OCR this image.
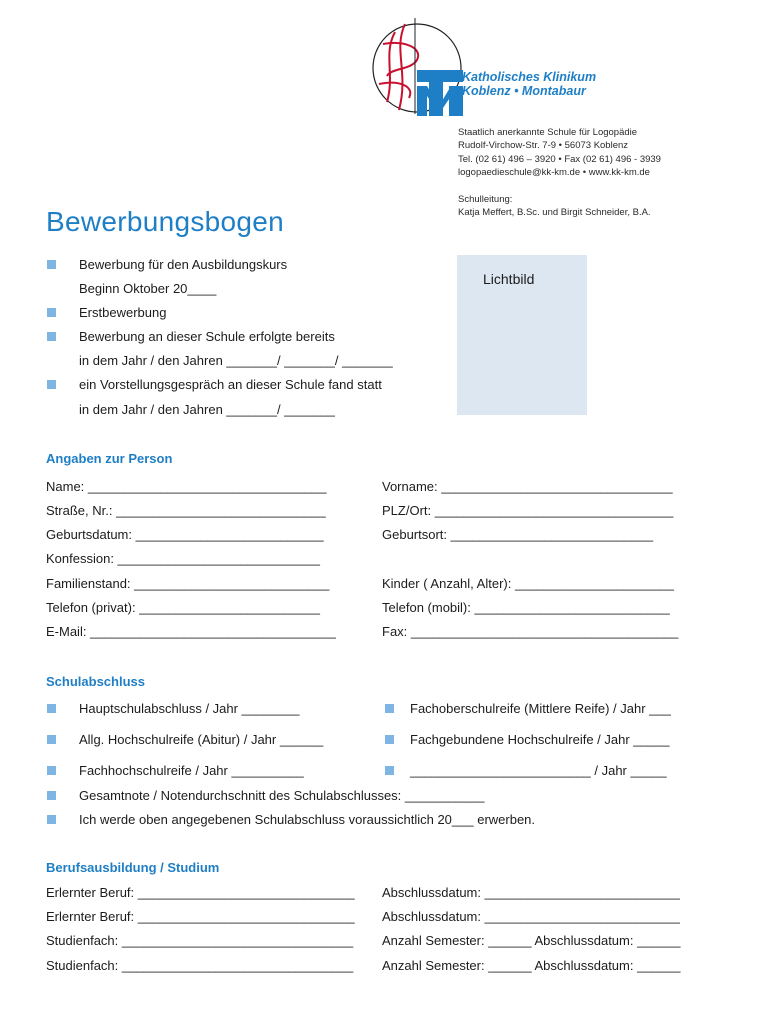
Katholisches Klinikum
Koblenz • Montabaur
Staatlich anerkannte Schule für Logopädie
Rudolf-Virchow-Str. 7-9 • 56073 Koblenz
Tel. (02 61) 496 – 3920 • Fax (02 61) 496 - 3939
logopaedieschule@kk-km.de • www.kk-km.de
Schulleitung:
Katja Meffert, B.Sc. und Birgit Schneider, B.A.
Bewerbungsbogen
Lichtbild
Bewerbung für den Ausbildungskurs
Beginn Oktober 20____
Erstbewerbung
Bewerbung an dieser Schule erfolgte bereits
in dem Jahr / den Jahren _______/ _______/ _______
ein Vorstellungsgespräch an dieser Schule fand statt
in dem Jahr / den Jahren _______/ _______
Angaben zur Person
Name: _________________________________	Vorname: ________________________________
Straße, Nr.: _____________________________	PLZ/Ort: _________________________________
Geburtsdatum: __________________________	Geburtsort: ____________________________
Konfession: ____________________________
Familienstand: ___________________________	Kinder ( Anzahl, Alter): ______________________
Telefon (privat): _________________________	Telefon (mobil): ___________________________
E-Mail: __________________________________	Fax: _____________________________________
Schulabschluss
Hauptschulabschluss / Jahr ________	Fachoberschulreife (Mittlere Reife) / Jahr ___
Allg. Hochschulreife (Abitur) / Jahr ______	Fachgebundene Hochschulreife / Jahr _____
Fachhochschulreife / Jahr __________	_________________________ / Jahr _____
Gesamtnote / Notendurchschnitt des Schulabschlusses: ___________
Ich werde oben angegebenen Schulabschluss voraussichtlich 20___ erwerben.
Berufsausbildung / Studium
Erlernter Beruf: ______________________________ Abschlussdatum: ___________________________
Erlernter Beruf: ______________________________ Abschlussdatum: ___________________________
Studienfach: ________________________________ Anzahl Semester: ______ Abschlussdatum: ______
Studienfach: ________________________________ Anzahl Semester: ______ Abschlussdatum: ______
